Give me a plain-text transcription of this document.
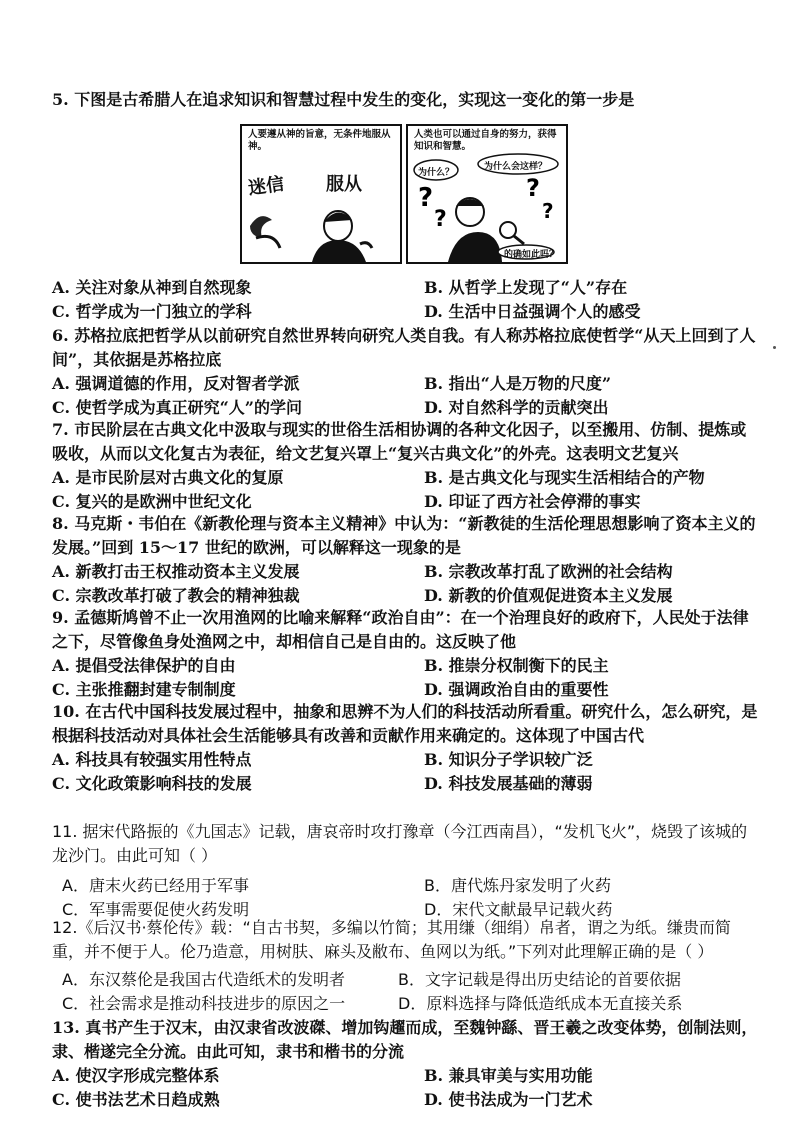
5. 下图是古希腊人在追求知识和智慧过程中发生的变化，实现这一变化的第一步是

人要遵从神的旨意，无条件地服从神。
迷信 服从
人类也可以通过自身的努力，获得知识和智慧。
?
?
?
?
为什么？
为什么会这样？
的确如此吗？
A. 关注对象从神到自然现象	B. 从哲学上发现了“人”存在
C. 哲学成为一门独立的学科	D. 生活中日益强调个人的感受

6. 苏格拉底把哲学从以前研究自然世界转向研究人类自我。有人称苏格拉底使哲学“从天上回到了人间”，其依据是苏格拉底

A. 强调道德的作用，反对智者学派	B. 指出“人是万物的尺度”
C. 使哲学成为真正研究“人”的学问	D. 对自然科学的贡献突出

7. 市民阶层在古典文化中汲取与现实的世俗生活相协调的各种文化因子，以至搬用、仿制、提炼或吸收，从而以文化复古为表征，给文艺复兴罩上“复兴古典文化”的外壳。这表明文艺复兴

A. 是市民阶层对古典文化的复原	B. 是古典文化与现实生活相结合的产物
C. 复兴的是欧洲中世纪文化	D. 印证了西方社会停滞的事实

8. 马克斯・韦伯在《新教伦理与资本主义精神》中认为：“新教徒的生活伦理思想影响了资本主义的发展。”回到 15～17 世纪的欧洲，可以解释这一现象的是

A. 新教打击王权推动资本主义发展	B. 宗教改革打乱了欧洲的社会结构
C. 宗教改革打破了教会的精神独裁	D. 新教的价值观促进资本主义发展

9. 孟德斯鸠曾不止一次用渔网的比喻来解释“政治自由”：在一个治理良好的政府下，人民处于法律之下，尽管像鱼身处渔网之中，却相信自己是自由的。这反映了他

A. 提倡受法律保护的自由	B. 推崇分权制衡下的民主
C. 主张推翻封建专制制度	D. 强调政治自由的重要性

10. 在古代中国科技发展过程中，抽象和思辨不为人们的科技活动所看重。研究什么，怎么研究，是根据科技活动对具体社会生活能够具有改善和贡献作用来确定的。这体现了中国古代

A. 科技具有较强实用性特点	B. 知识分子学识较广泛
C. 文化政策影响科技的发展	D. 科技发展基础的薄弱

11. 据宋代路振的《九国志》记载，唐哀帝时攻打豫章（今江西南昌），“发机飞火”，烧毁了该城的龙沙门。由此可知（ ）

A．唐末火药已经用于军事	B．唐代炼丹家发明了火药
C．军事需要促使火药发明	D．宋代文献最早记载火药

12.《后汉书·蔡伦传》载：“自古书契，多编以竹简；其用缣（细绢）帛者，谓之为纸。缣贵而简重，并不便于人。伦乃造意，用树肤、麻头及敝布、鱼网以为纸。”下列对此理解正确的是（ ）

A．东汉蔡伦是我国古代造纸术的发明者	B．文字记载是得出历史结论的首要依据
C．社会需求是推动科技进步的原因之一	D．原料选择与降低造纸成本无直接关系

13. 真书产生于汉末，由汉隶省改波磔、增加钩趯而成，至魏钟繇、晋王羲之改变体势，创制法则，隶、楷遂完全分流。由此可知，隶书和楷书的分流

A. 使汉字形成完整体系	B. 兼具审美与实用功能
C. 使书法艺术日趋成熟	D. 使书法成为一门艺术
